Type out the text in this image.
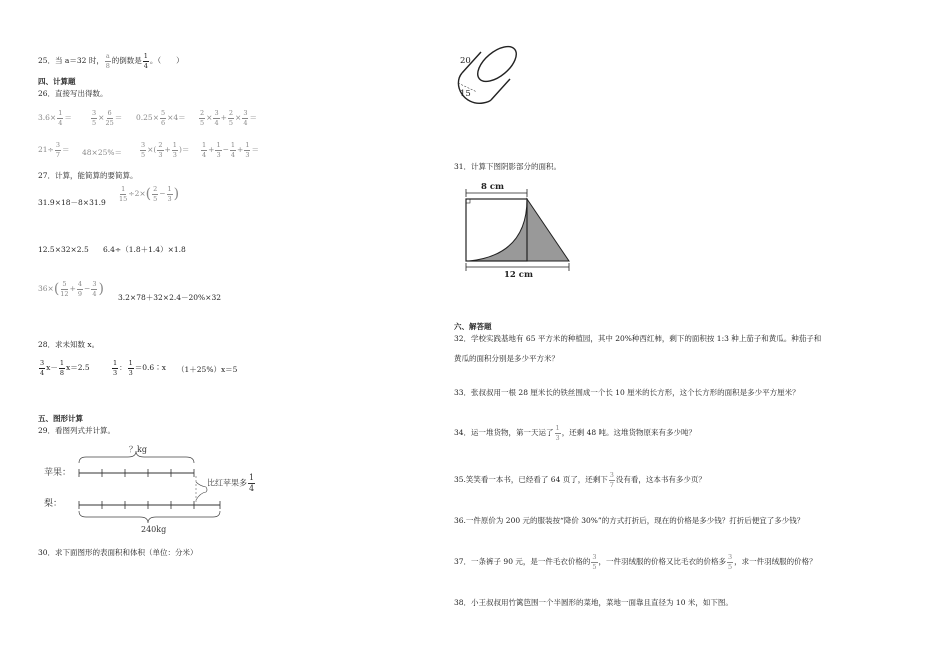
25．当 a＝32 时， $\frac{a}{8}$ 的倒数是 $\frac{1}{4}$ 。（　　）
四、计算题
26．直接写出得数。
$3.6\times \frac{1}{4}$ ＝	$\frac{3}{5} \times \frac{6}{25} = 0.25\times \frac{5}{6} \times 4= \frac{2}{5} \times \frac{3}{4} + \frac{2}{5} \times \frac{3}{4}$ ＝
$21\div \frac{3}{7} = 48\times 25\%=$	$\frac{3}{5}$ ×( $\frac{2}{3} + \frac{1}{3}$ )＝ $\frac{1}{4} + \frac{1}{3} - \frac{1}{4} + \frac{1}{3}$ ＝
27．计算，能简算的要简算。
31.9×18－8×31.9
$\frac{1}{15} \div 2\times( \frac{2}{5} - \frac{1}{3}$ )
12.5×32×2.5 6.4÷（1.8＋1.4）×1.8
$36\times( \frac{5}{12} + \frac{4}{9} - \frac{3}{4}$ )
3.2×78＋32×2.4－20%×32
28．求未知数 x。
$\frac{3}{4} x- \frac{1}{8} x=2.5$	$\frac{1}{3}$ ： $\frac{1}{3}$ ＝0.6∶x （1＋25%）x＝5
五、图形计算
29．看图列式并计算。
苹果：
梨：
？kg
比红苹果多 $\frac{1}{4}$
240kg
30．求下面图形的表面积和体积（单位：分米）
20
15
31．计算下图阴影部分的面积。
8 cm
12 cm
六、解答题
32．学校实践基地有 65 平方米的种植园，其中 20%种西红柿，剩下的面积按 1:3 种上茄子和黄瓜。种茄子和
黄瓜的面积分别是多少平方米？
33．张叔叔用一根 28 厘米长的铁丝围成一个长 10 厘米的长方形，这个长方形的面积是多少平方厘米？
34．运一堆货物，第一天运了 $\frac{1}{3}$ ，还剩 48 吨。这堆货物原来有多少吨？
35.笑笑看一本书，已经看了 64 页了，还剩下 $\frac{3}{7}$ 没有看，这本书有多少页？
36.一件原价为 200 元的服装按“降价 30%”的方式打折后，现在的价格是多少钱？打折后便宜了多少钱？
37．一条裤子 90 元，是一件毛衣价格的 $\frac{3}{5}$ ，一件羽绒服的价格又比毛衣的价格多 $\frac{3}{5}$ ，求一件羽绒服的价格？
38．小王叔叔用竹篱笆围一个半圆形的菜地，菜地一面靠且直径为 10 米，如下图。
